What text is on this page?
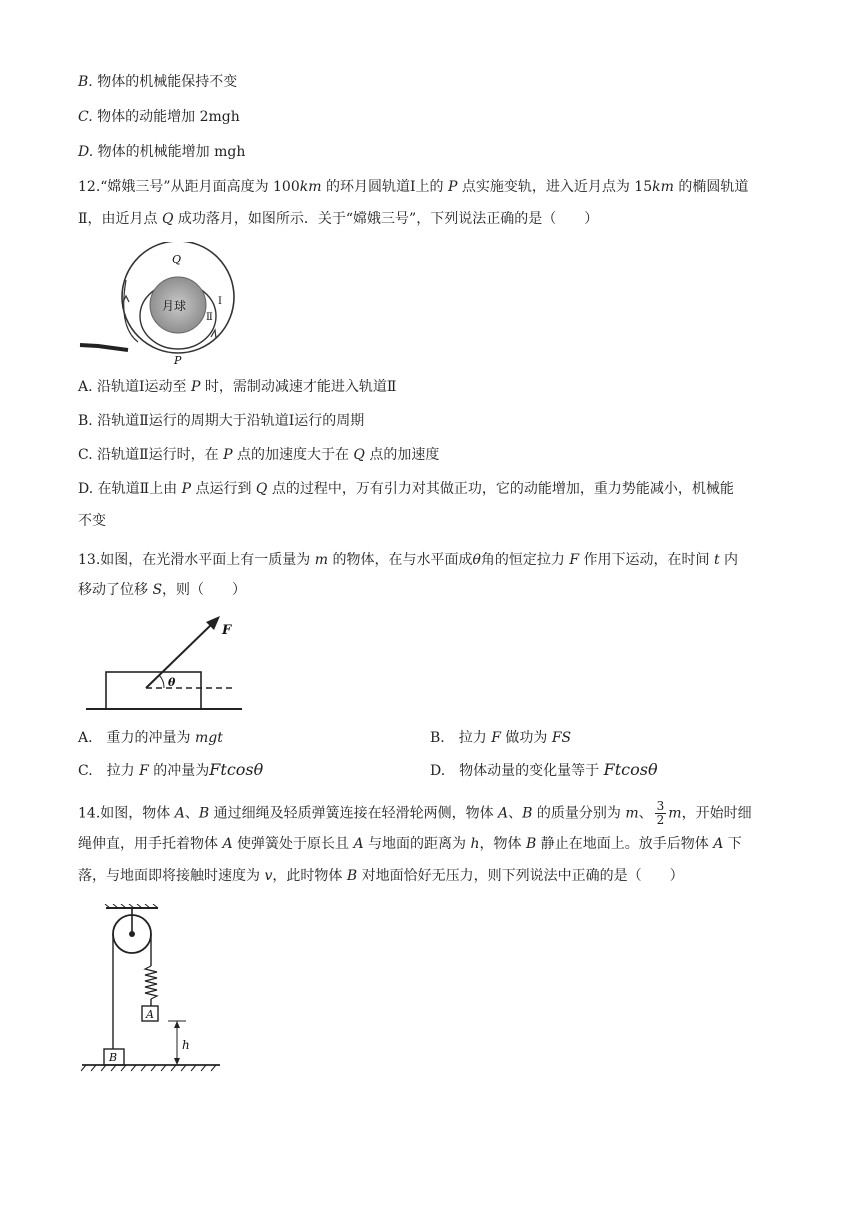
B. 物体的机械能保持不变
C. 物体的动能增加 2mgh
D. 物体的机械能增加 mgh
12.“嫦娥三号”从距月面高度为 100km 的环月圆轨道Ⅰ上的 P 点实施变轨，进入近月点为 15km 的椭圆轨道
Ⅱ，由近月点 Q 成功落月，如图所示．关于“嫦娥三号”，下列说法正确的是（　　）
月球
Q
P
Ⅰ
Ⅱ
A. 沿轨道Ⅰ运动至 P 时，需制动减速才能进入轨道Ⅱ
B. 沿轨道Ⅱ运行的周期大于沿轨道Ⅰ运行的周期
C. 沿轨道Ⅱ运行时，在 P 点的加速度大于在 Q 点的加速度
D. 在轨道Ⅱ上由 P 点运行到 Q 点的过程中，万有引力对其做正功，它的动能增加，重力势能减小，机械能
不变
13.如图，在光滑水平面上有一质量为 m 的物体，在与水平面成θ角的恒定拉力 F 作用下运动，在时间 t 内
移动了位移 S，则（　　）
F
θ
A.　重力的冲量为 mgt	B.　拉力 F 做功为 FS
C.　拉力 F 的冲量为Ftcosθ	D.　物体动量的变化量等于 Ftcosθ
14.如图，物体 A、B 通过细绳及轻质弹簧连接在轻滑轮两侧，物体 A、B 的质量分别为 m、 $\frac{3}{2}$ m，开始时细
绳伸直，用手托着物体 A 使弹簧处于原长且 A 与地面的距离为 h，物体 B 静止在地面上。放手后物体 A 下
落，与地面即将接触时速度为 v，此时物体 B 对地面恰好无压力，则下列说法中正确的是（　　）
A
B
h
